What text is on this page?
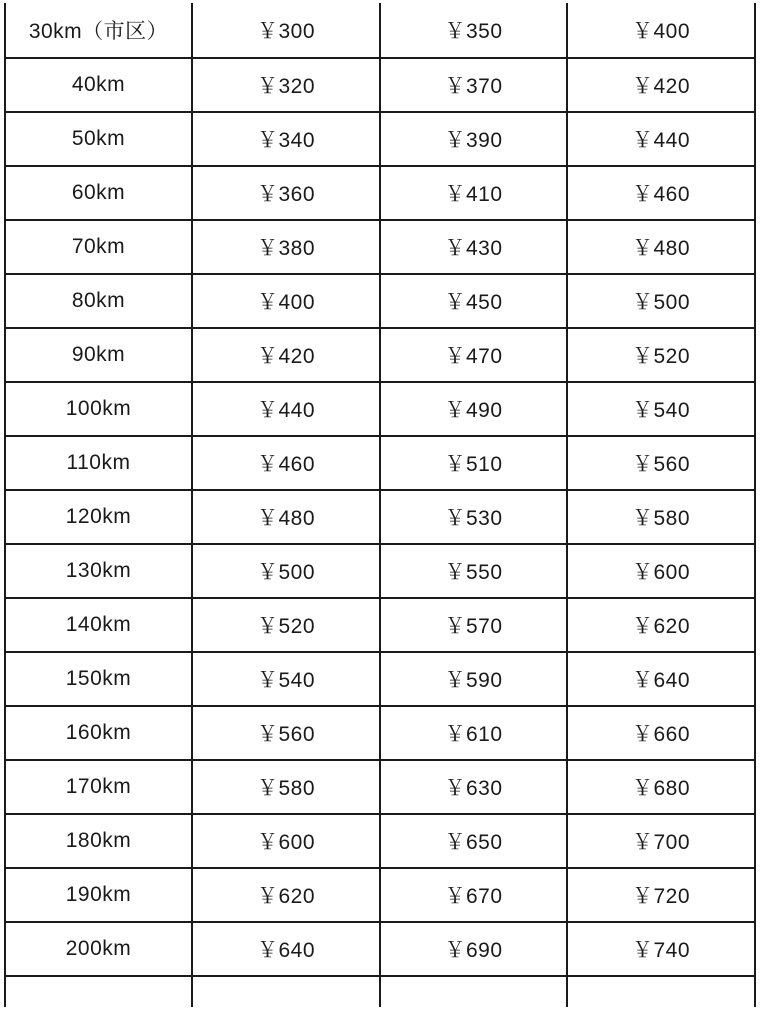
30km（市区）	￥300	￥350	￥400
40km	￥320	￥370	￥420
50km	￥340	￥390	￥440
60km	￥360	￥410	￥460
70km	￥380	￥430	￥480
80km	￥400	￥450	￥500
90km	￥420	￥470	￥520
100km	￥440	￥490	￥540
110km	￥460	￥510	￥560
120km	￥480	￥530	￥580
130km	￥500	￥550	￥600
140km	￥520	￥570	￥620
150km	￥540	￥590	￥640
160km	￥560	￥610	￥660
170km	￥580	￥630	￥680
180km	￥600	￥650	￥700
190km	￥620	￥670	￥720
200km	￥640	￥690	￥740
